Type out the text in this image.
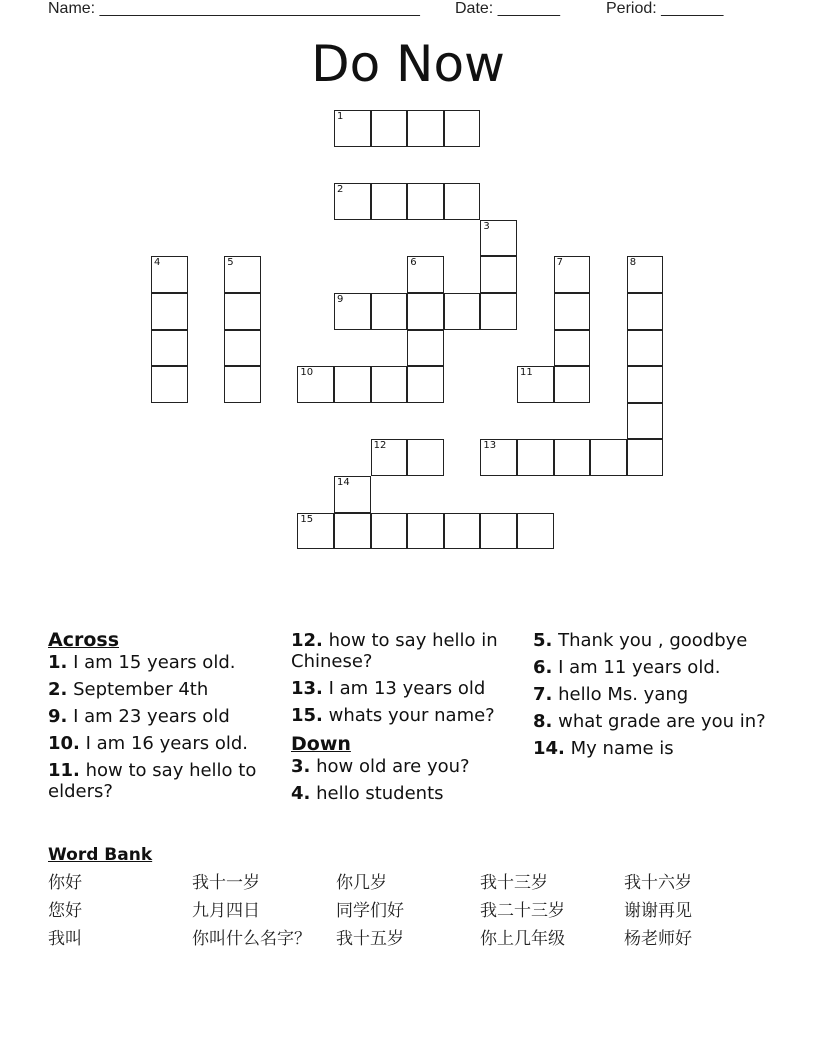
Name: ____________________________________ Date: _______	Period: _______
Do Now
1
2
3
4	5	6	7	8
9
10	11
12	13
14
15
Across
1. I am 15 years old.
2. September 4th
9. I am 23 years old
10. I am 16 years old.
11. how to say hello to elders?
12. how to say hello in Chinese?
13. I am 13 years old
15. whats your name?
Down
3. how old are you?
4. hello students
5. Thank you , goodbye
6. I am 11 years old.
7. hello Ms. yang
8. what grade are you in?
14. My name is
Word Bank
你好	我十一岁	你几岁	我十三岁	我十六岁
您好	九月四日	同学们好	我二十三岁	谢谢再见
我叫	你叫什么名字？	我十五岁	你上几年级	杨老师好
